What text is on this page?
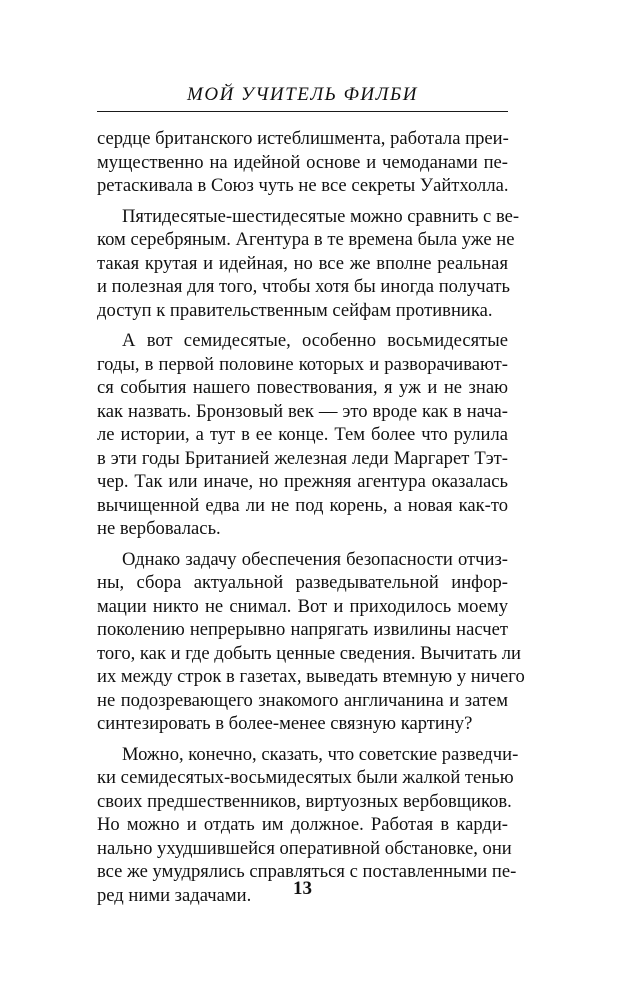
МОЙ УЧИТЕЛЬ ФИЛБИ
сердце британского истеблишмента, работала преи-
мущественно на идейной основе и чемоданами пе-
ретаскивала в Союз чуть не все секреты Уайтхолла.
Пятидесятые-шестидесятые можно сравнить с ве-
ком серебряным. Агентура в те времена была уже не
такая крутая и идейная, но все же вполне реальная
и полезная для того, чтобы хотя бы иногда получать
доступ к правительственным сейфам противника.
А вот семидесятые, особенно восьмидесятые
годы, в первой половине которых и разворачивают-
ся события нашего повествования, я уж и не знаю
как назвать. Бронзовый век — это вроде как в нача-
ле истории, а тут в ее конце. Тем более что рулила
в эти годы Британией железная леди Маргарет Тэт-
чер. Так или иначе, но прежняя агентура оказалась
вычищенной едва ли не под корень, а новая как-то
не вербовалась.
Однако задачу обеспечения безопасности отчиз-
ны, сбора актуальной разведывательной инфор-
мации никто не снимал. Вот и приходилось моему
поколению непрерывно напрягать извилины насчет
того, как и где добыть ценные сведения. Вычитать ли
их между строк в газетах, выведать втемную у ничего
не подозревающего знакомого англичанина и затем
синтезировать в более-менее связную картину?
Можно, конечно, сказать, что советские разведчи-
ки семидесятых-восьмидесятых были жалкой тенью
своих предшественников, виртуозных вербовщиков.
Но можно и отдать им должное. Работая в карди-
нально ухудшившейся оперативной обстановке, они
все же умудрялись справляться с поставленными пе-
ред ними задачами.	13
